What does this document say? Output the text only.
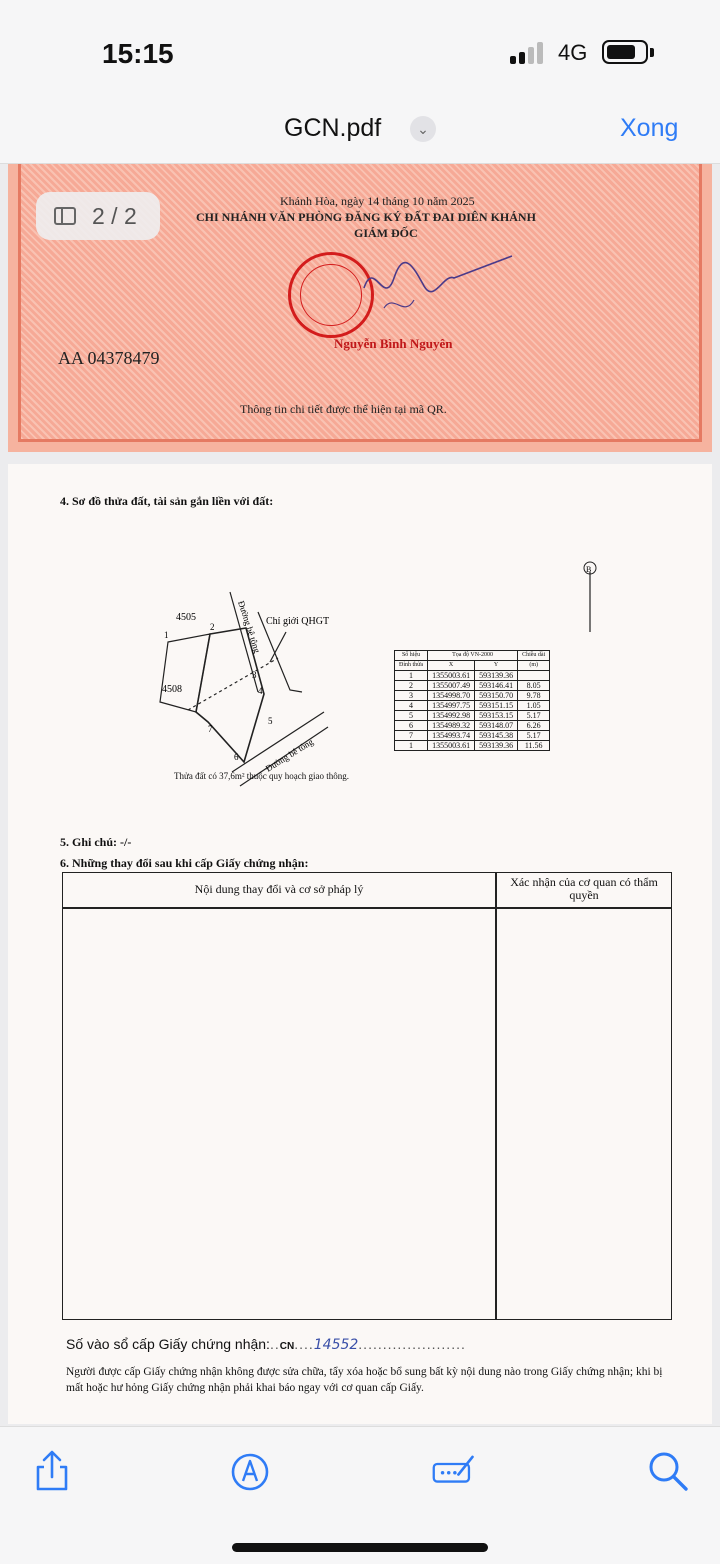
15:15	4G
GCN.pdf	⌄	Xong
Khánh Hòa, ngày 14 tháng 10 năm 2025
CHI NHÁNH VĂN PHÒNG ĐĂNG KÝ ĐẤT ĐAI DIÊN KHÁNH
GIÁM ĐỐC
AA 04378479
Nguyễn Bình Nguyên
Thông tin chi tiết được thể hiện tại mã QR.
2 / 2
4. Sơ đồ thửa đất, tài sản gắn liền với đất:
B
4505
4508
Chỉ giới QHGT
Đường bê tông
Đường bê tông
1
2
3
4
5
6
7
Số hiệu	Tọa độ VN-2000		Chiều dài
Đỉnh thửa	X	Y	(m)
1	1355003.61	593139.36	
2	1355007.49	593146.41	8.05
3	1354998.70	593150.70	9.78
4	1354997.75	593151.15	1.05
5	1354992.98	593153.15	5.17
6	1354989.32	593148.07	6.26
7	1354993.74	593145.38	5.17
1	1355003.61	593139.36	11.56
Thửa đất có 37,6m² thuộc quy hoạch giao thông.
5. Ghi chú: -/-
6. Những thay đổi sau khi cấp Giấy chứng nhận:
Nội dung thay đổi và cơ sở pháp lý	Xác nhận của cơ quan có thẩm quyền
Số vào sổ cấp Giấy chứng nhận:..CN....14552......................
Người được cấp Giấy chứng nhận không được sửa chữa, tẩy xóa hoặc bổ sung bất kỳ nội dung nào trong Giấy chứng nhận; khi bị mất hoặc hư hỏng Giấy chứng nhận phải khai báo ngay với cơ quan cấp Giấy.
